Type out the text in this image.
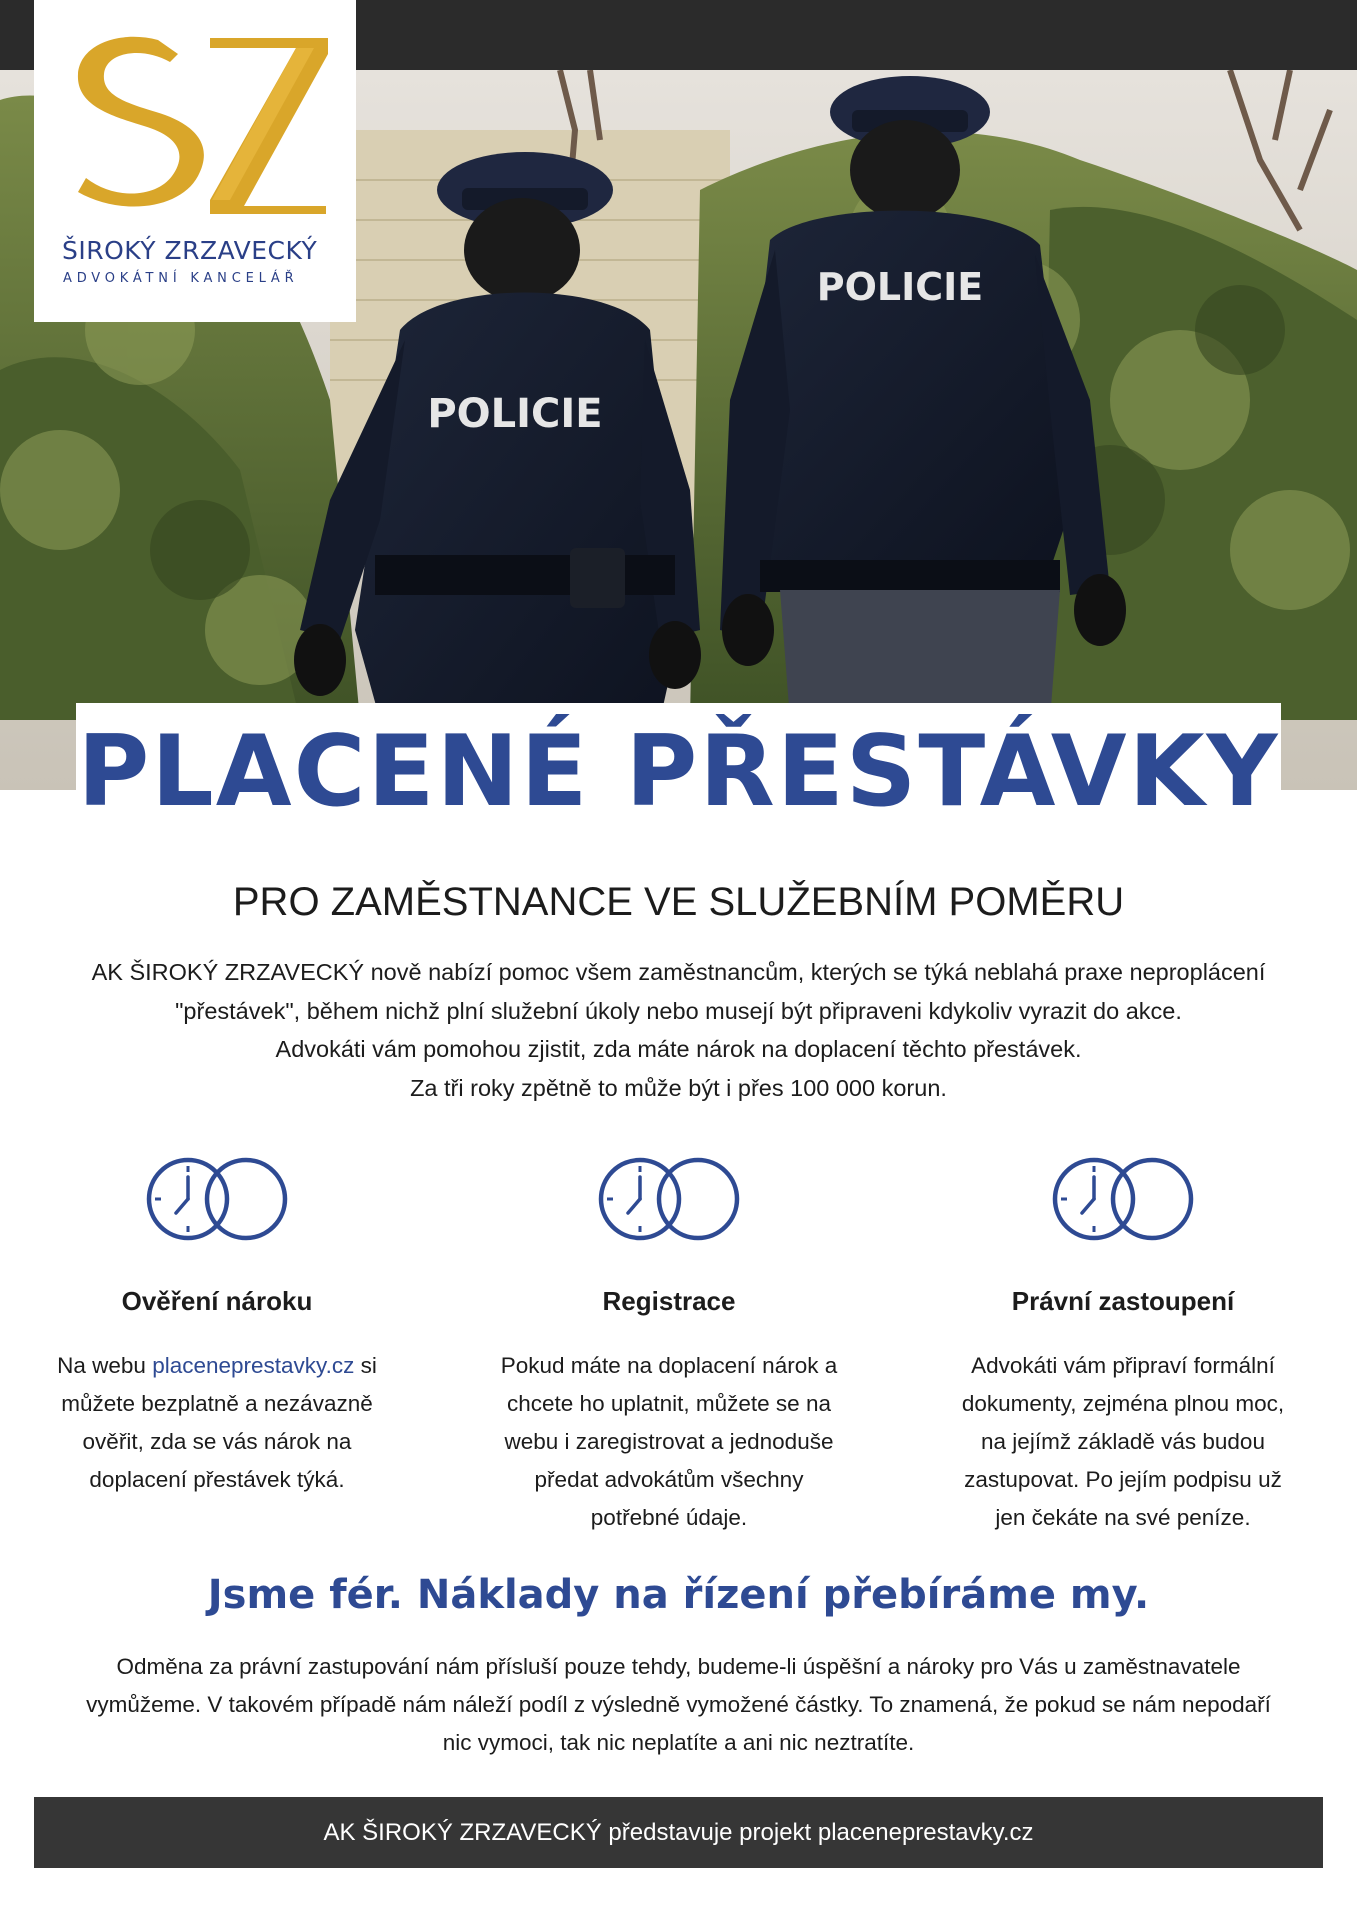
POLICIE
POLICIE
ŠIROKÝ ZRZAVECKÝ
ADVOKÁTNÍ KANCELÁŘ
PLACENÉ PŘESTÁVKY
PRO ZAMĚSTNANCE VE SLUŽEBNÍM POMĚRU
AK ŠIROKÝ ZRZAVECKÝ nově nabízí pomoc všem zaměstnancům, kterých se týká neblahá praxe neproplácení
"přestávek", během nichž plní služební úkoly nebo musejí být připraveni kdykoliv vyrazit do akce.
Advokáti vám pomohou zjistit, zda máte nárok na doplacení těchto přestávek.
Za tři roky zpětně to může být i přes 100 000 korun.
Ověření nároku
Na webu placeneprestavky.cz si
můžete bezplatně a nezávazně
ověřit, zda se vás nárok na
doplacení přestávek týká.
Registrace
Pokud máte na doplacení nárok a
chcete ho uplatnit, můžete se na
webu i zaregistrovat a jednoduše
předat advokátům všechny
potřebné údaje.
Právní zastoupení
Advokáti vám připraví formální
dokumenty, zejména plnou moc,
na jejímž základě vás budou
zastupovat. Po jejím podpisu už
jen čekáte na své peníze.
Jsme fér. Náklady na řízení přebíráme my.
Odměna za právní zastupování nám přísluší pouze tehdy, budeme-li úspěšní a nároky pro Vás u zaměstnavatele
vymůžeme. V takovém případě nám náleží podíl z výsledně vymožené částky. To znamená, že pokud se nám nepodaří
nic vymoci, tak nic neplatíte a ani nic neztratíte.
AK ŠIROKÝ ZRZAVECKÝ představuje projekt placeneprestavky.cz
